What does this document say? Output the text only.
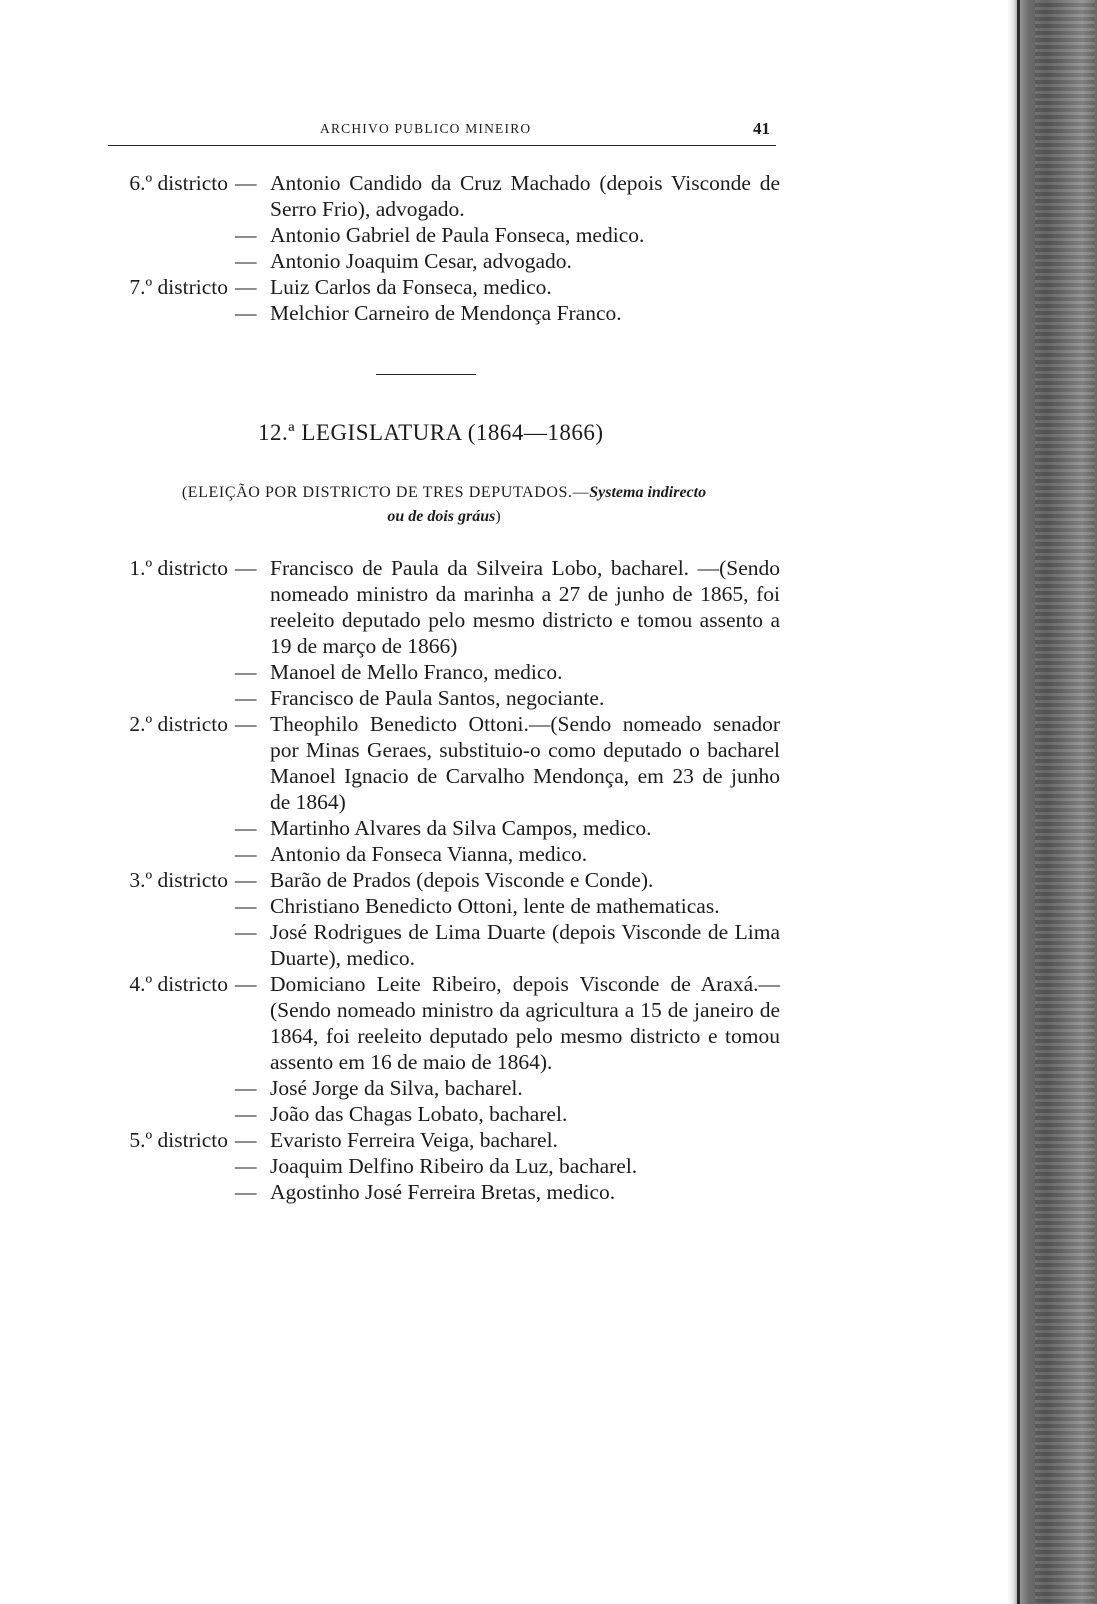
ARCHIVO PUBLICO MINEIRO	41
6.º districto — Antonio Candido da Cruz Machado (depois Visconde de Serro Frio), advogado.
— Antonio Gabriel de Paula Fonseca, medico.
— Antonio Joaquim Cesar, advogado.
7.º districto — Luiz Carlos da Fonseca, medico.
— Melchior Carneiro de Mendonça Franco.
12.ª LEGISLATURA (1864—1866)
(ELEIÇÃO POR DISTRICTO DE TRES DEPUTADOS.—Systema indirecto
ou de dois gráus)
1.º districto — Francisco de Paula da Silveira Lobo, bacharel. —(Sendo nomeado ministro da marinha a 27 de junho de 1865, foi reeleito deputado pelo mesmo districto e tomou assento a 19 de março de 1866)
— Manoel de Mello Franco, medico.
— Francisco de Paula Santos, negociante.
2.º districto — Theophilo Benedicto Ottoni.—(Sendo nomeado senador por Minas Geraes, substituio-o como deputado o bacharel Manoel Ignacio de Carvalho Mendonça, em 23 de junho de 1864)
— Martinho Alvares da Silva Campos, medico.
— Antonio da Fonseca Vianna, medico.
3.º districto — Barão de Prados (depois Visconde e Conde).
— Christiano Benedicto Ottoni, lente de mathematicas.
— José Rodrigues de Lima Duarte (depois Visconde de Lima Duarte), medico.
4.º districto — Domiciano Leite Ribeiro, depois Visconde de Araxá.—(Sendo nomeado ministro da agricultura a 15 de janeiro de 1864, foi reeleito deputado pelo mesmo districto e tomou assento em 16 de maio de 1864).
— José Jorge da Silva, bacharel.
— João das Chagas Lobato, bacharel.
5.º districto — Evaristo Ferreira Veiga, bacharel.
— Joaquim Delfino Ribeiro da Luz, bacharel.
— Agostinho José Ferreira Bretas, medico.
